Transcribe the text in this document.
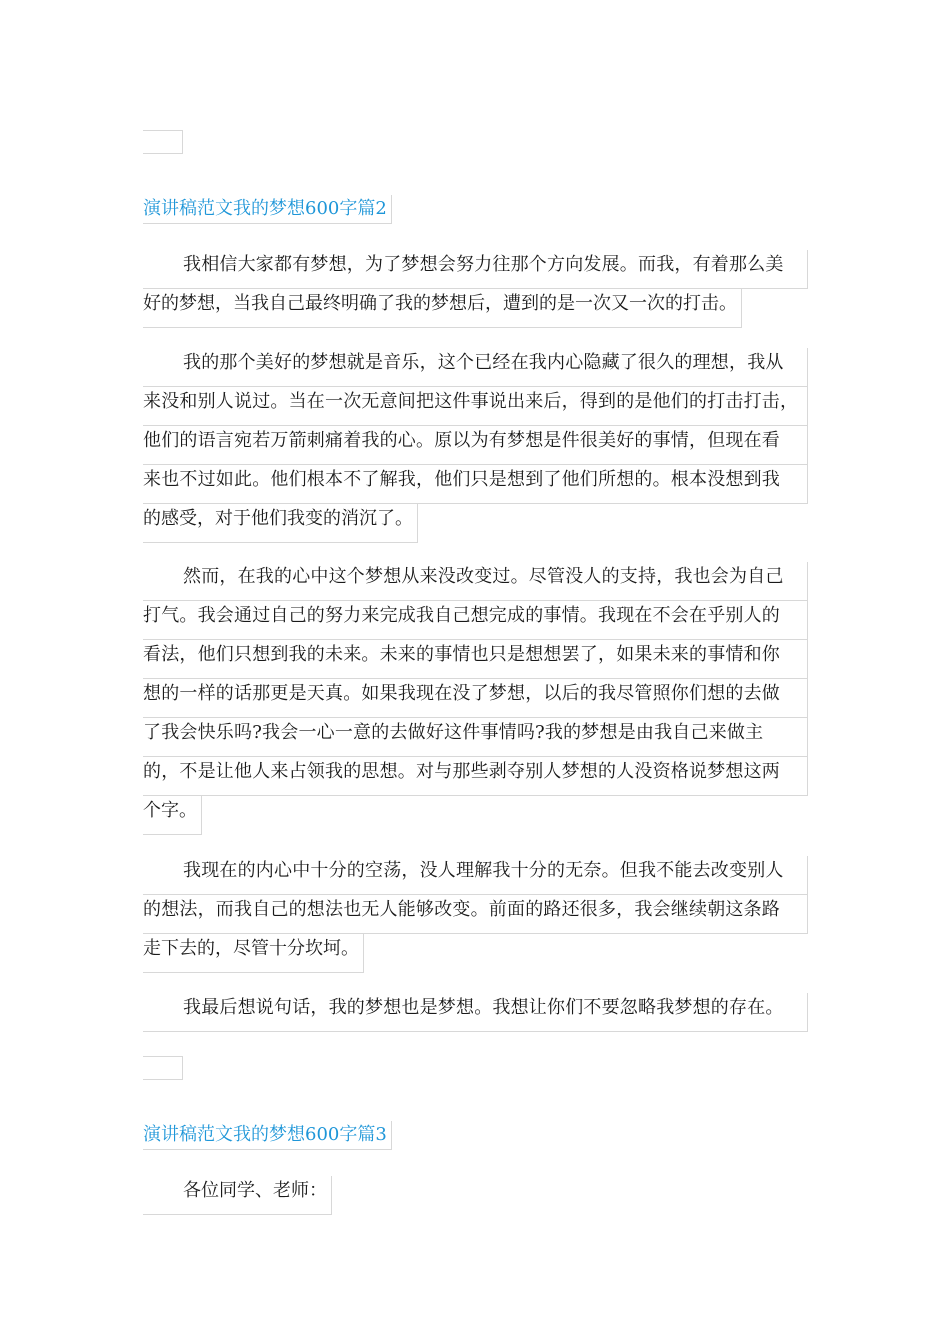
演讲稿范文我的梦想600字篇2
我相信大家都有梦想，为了梦想会努力往那个方向发展。而我，有着那么美
好的梦想，当我自己最终明确了我的梦想后，遭到的是一次又一次的打击。
我的那个美好的梦想就是音乐，这个已经在我内心隐藏了很久的理想，我从
来没和别人说过。当在一次无意间把这件事说出来后，得到的是他们的打击打击，
他们的语言宛若万箭刺痛着我的心。原以为有梦想是件很美好的事情，但现在看
来也不过如此。他们根本不了解我，他们只是想到了他们所想的。根本没想到我
的感受，对于他们我变的消沉了。
然而，在我的心中这个梦想从来没改变过。尽管没人的支持，我也会为自己
打气。我会通过自己的努力来完成我自己想完成的事情。我现在不会在乎别人的
看法，他们只想到我的未来。未来的事情也只是想想罢了，如果未来的事情和你
想的一样的话那更是天真。如果我现在没了梦想，以后的我尽管照你们想的去做
了我会快乐吗?我会一心一意的去做好这件事情吗?我的梦想是由我自己来做主
的，不是让他人来占领我的思想。对与那些剥夺别人梦想的人没资格说梦想这两
个字。
我现在的内心中十分的空荡，没人理解我十分的无奈。但我不能去改变别人
的想法，而我自己的想法也无人能够改变。前面的路还很多，我会继续朝这条路
走下去的，尽管十分坎坷。
我最后想说句话，我的梦想也是梦想。我想让你们不要忽略我梦想的存在。
演讲稿范文我的梦想600字篇3
各位同学、老师：
